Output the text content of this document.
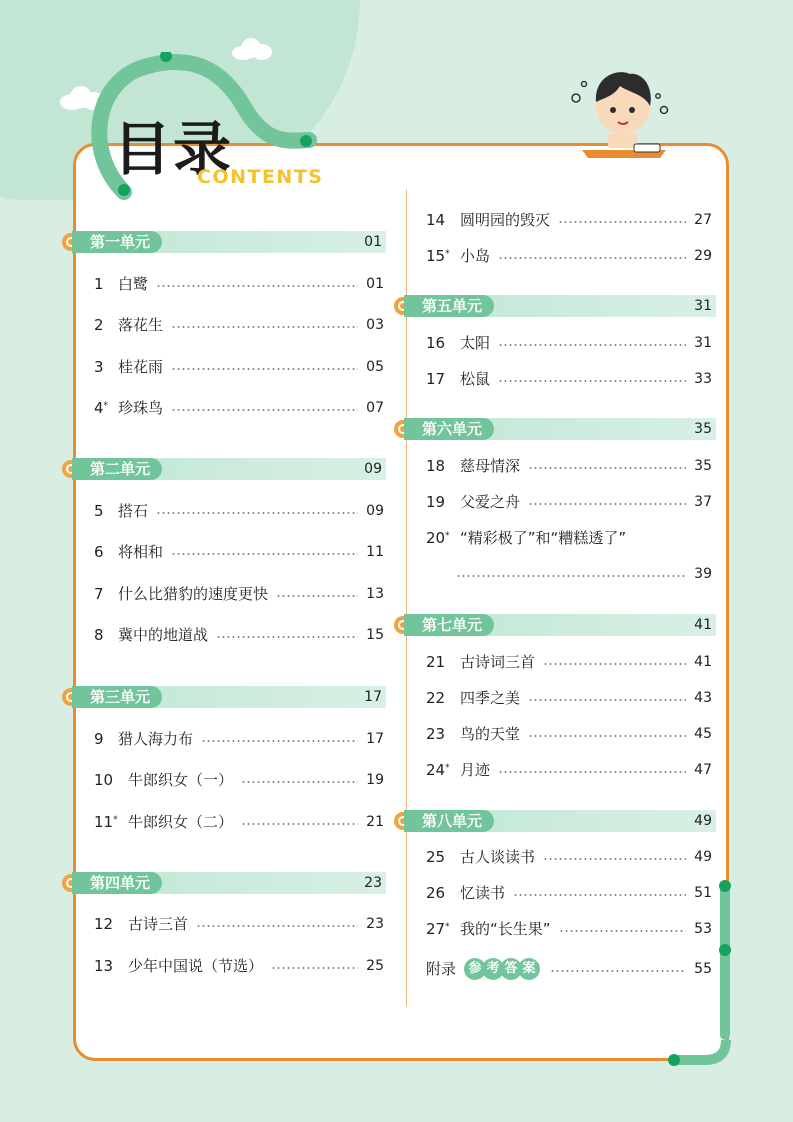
目录
CONTENTS
第一单元	01
1 白鹭	01
2 落花生	03
3 桂花雨	05
4* 珍珠鸟	07
第二单元	09
5 搭石	09
6 将相和	11
7 什么比猎豹的速度更快	13
8 冀中的地道战	15
第三单元	17
9 猎人海力布	17
10 牛郎织女（一）	19
11* 牛郎织女（二）	21
第四单元	23
12 古诗三首	23
13 少年中国说（节选）	25
14 圆明园的毁灭	27
15* 小岛	29
第五单元	31
16 太阳	31
17 松鼠	33
第六单元	35
18 慈母情深	35
19 父爱之舟	37
20* “精彩极了”和“糟糕透了”
39
第七单元	41
21 古诗词三首	41
22 四季之美	43
23 鸟的天堂	45
24* 月迹	47
第八单元	49
25 古人谈读书	49
26 忆读书	51
27* 我的“长生果”	53
附录 参 考 答 案	55
